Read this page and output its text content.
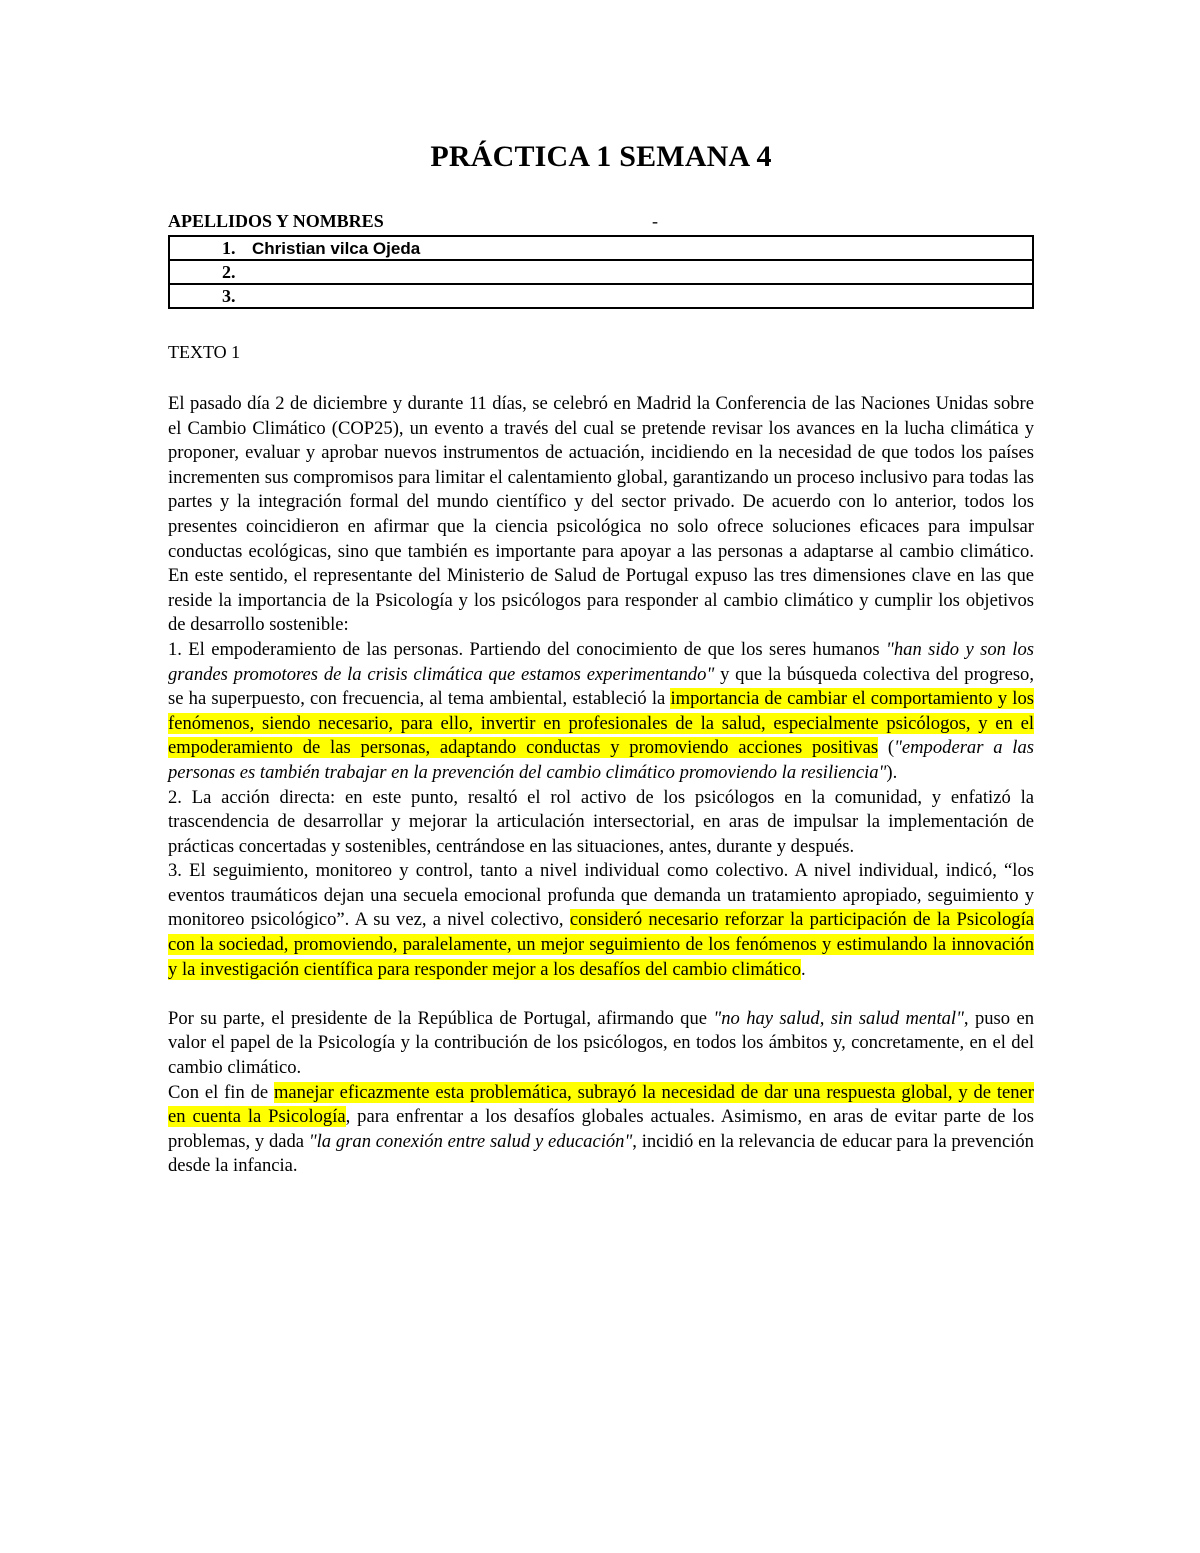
PRÁCTICA 1 SEMANA 4
APELLIDOS Y NOMBRES	-
1. Christian vilca Ojeda
2.
3.
TEXTO 1

El pasado día 2 de diciembre y durante 11 días, se celebró en Madrid la Conferencia de las Naciones Unidas sobre el Cambio Climático (COP25), un evento a través del cual se pretende revisar los avances en la lucha climática y proponer, evaluar y aprobar nuevos instrumentos de actuación, incidiendo en la necesidad de que todos los países incrementen sus compromisos para limitar el calentamiento global, garantizando un proceso inclusivo para todas las partes y la integración formal del mundo científico y del sector privado. De acuerdo con lo anterior, todos los presentes coincidieron en afirmar que la ciencia psicológica no solo ofrece soluciones eficaces para impulsar conductas ecológicas, sino que también es importante para apoyar a las personas a adaptarse al cambio climático. En este sentido, el representante del Ministerio de Salud de Portugal expuso las tres dimensiones clave en las que reside la importancia de la Psicología y los psicólogos para responder al cambio climático y cumplir los objetivos de desarrollo sostenible:

1. El empoderamiento de las personas. Partiendo del conocimiento de que los seres humanos "han sido y son los grandes promotores de la crisis climática que estamos experimentando" y que la búsqueda colectiva del progreso, se ha superpuesto, con frecuencia, al tema ambiental, estableció la importancia de cambiar el comportamiento y los fenómenos, siendo necesario, para ello, invertir en profesionales de la salud, especialmente psicólogos, y en el empoderamiento de las personas, adaptando conductas y promoviendo acciones positivas ("empoderar a las personas es también trabajar en la prevención del cambio climático promoviendo la resiliencia").

2. La acción directa: en este punto, resaltó el rol activo de los psicólogos en la comunidad, y enfatizó la trascendencia de desarrollar y mejorar la articulación intersectorial, en aras de impulsar la implementación de prácticas concertadas y sostenibles, centrándose en las situaciones, antes, durante y después.

3. El seguimiento, monitoreo y control, tanto a nivel individual como colectivo. A nivel individual, indicó, “los eventos traumáticos dejan una secuela emocional profunda que demanda un tratamiento apropiado, seguimiento y monitoreo psicológico”. A su vez, a nivel colectivo, consideró necesario reforzar la participación de la Psicología con la sociedad, promoviendo, paralelamente, un mejor seguimiento de los fenómenos y estimulando la innovación y la investigación científica para responder mejor a los desafíos del cambio climático.

Por su parte, el presidente de la República de Portugal, afirmando que "no hay salud, sin salud mental", puso en valor el papel de la Psicología y la contribución de los psicólogos, en todos los ámbitos y, concretamente, en el del cambio climático.

Con el fin de manejar eficazmente esta problemática, subrayó la necesidad de dar una respuesta global, y de tener en cuenta la Psicología, para enfrentar a los desafíos globales actuales. Asimismo, en aras de evitar parte de los problemas, y dada "la gran conexión entre salud y educación", incidió en la relevancia de educar para la prevención desde la infancia.
